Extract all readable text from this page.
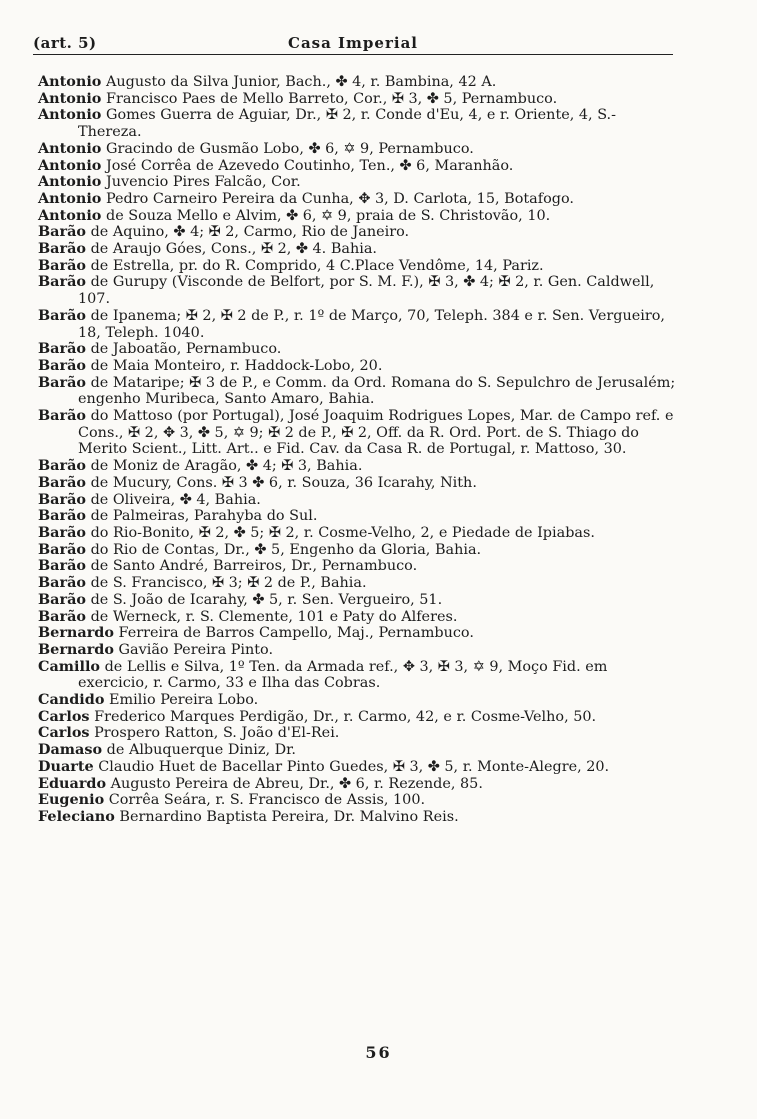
(art. 5)	Casa Imperial

Antonio Augusto da Silva Junior, Bach., ✤ 4, r. Bambina, 42 A.

Antonio Francisco Paes de Mello Barreto, Cor., ✠ 3, ✤ 5, Pernambuco.

Antonio Gomes Guerra de Aguiar, Dr., ✠ 2, r. Conde d'Eu, 4, e r. Oriente, 4, S.-Thereza.

Antonio Gracindo de Gusmão Lobo, ✤ 6, ✡ 9, Pernambuco.

Antonio José Corrêa de Azevedo Coutinho, Ten., ✤ 6, Maranhão.

Antonio Juvencio Pires Falcão, Cor.

Antonio Pedro Carneiro Pereira da Cunha, ✥ 3, D. Carlota, 15, Botafogo.

Antonio de Souza Mello e Alvim, ✤ 6, ✡ 9, praia de S. Christovão, 10.

Barão de Aquino, ✤ 4; ✠ 2, Carmo, Rio de Janeiro.

Barão de Araujo Góes, Cons., ✠ 2, ✤ 4. Bahia.

Barão de Estrella, pr. do R. Comprido, 4 C.Place Vendôme, 14, Pariz.

Barão de Gurupy (Visconde de Belfort, por S. M. F.), ✠ 3, ✤ 4; ✠ 2, r. Gen. Caldwell, 107.

Barão de Ipanema; ✠ 2, ✠ 2 de P., r. 1º de Março, 70, Teleph. 384 e r. Sen. Vergueiro, 18, Teleph. 1040.

Barão de Jaboatão, Pernambuco.

Barão de Maia Monteiro, r. Haddock-Lobo, 20.

Barão de Mataripe; ✠ 3 de P., e Comm. da Ord. Romana do S. Sepulchro de Jerusalém; engenho Muribeca, Santo Amaro, Bahia.

Barão do Mattoso (por Portugal), José Joaquim Rodrigues Lopes, Mar. de Campo ref. e Cons., ✠ 2, ✥ 3, ✤ 5, ✡ 9; ✠ 2 de P., ✠ 2, Off. da R. Ord. Port. de S. Thiago do Merito Scient., Litt. Art.. e Fid. Cav. da Casa R. de Portugal, r. Mattoso, 30.

Barão de Moniz de Aragão, ✤ 4; ✠ 3, Bahia.

Barão de Mucury, Cons. ✠ 3 ✤ 6, r. Souza, 36 Icarahy, Nith.

Barão de Oliveira, ✤ 4, Bahia.

Barão de Palmeiras, Parahyba do Sul.

Barão do Rio-Bonito, ✠ 2, ✤ 5; ✠ 2, r. Cosme-Velho, 2, e Piedade de Ipiabas.

Barão do Rio de Contas, Dr., ✤ 5, Engenho da Gloria, Bahia.

Barão de Santo André, Barreiros, Dr., Pernambuco.

Barão de S. Francisco, ✠ 3; ✠ 2 de P., Bahia.

Barão de S. João de Icarahy, ✤ 5, r. Sen. Vergueiro, 51.

Barão de Werneck, r. S. Clemente, 101 e Paty do Alferes.

Bernardo Ferreira de Barros Campello, Maj., Pernambuco.

Bernardo Gavião Pereira Pinto.

Camillo de Lellis e Silva, 1º Ten. da Armada ref., ✥ 3, ✠ 3, ✡ 9, Moço Fid. em exercicio, r. Carmo, 33 e Ilha das Cobras.

Candido Emilio Pereira Lobo.

Carlos Frederico Marques Perdigão, Dr., r. Carmo, 42, e r. Cosme-Velho, 50.

Carlos Prospero Ratton, S. João d'El-Rei.

Damaso de Albuquerque Diniz, Dr.

Duarte Claudio Huet de Bacellar Pinto Guedes, ✠ 3, ✤ 5, r. Monte-Alegre, 20.

Eduardo Augusto Pereira de Abreu, Dr., ✤ 6, r. Rezende, 85.

Eugenio Corrêa Seára, r. S. Francisco de Assis, 100.

Feleciano Bernardino Baptista Pereira, Dr. Malvino Reis.

56
